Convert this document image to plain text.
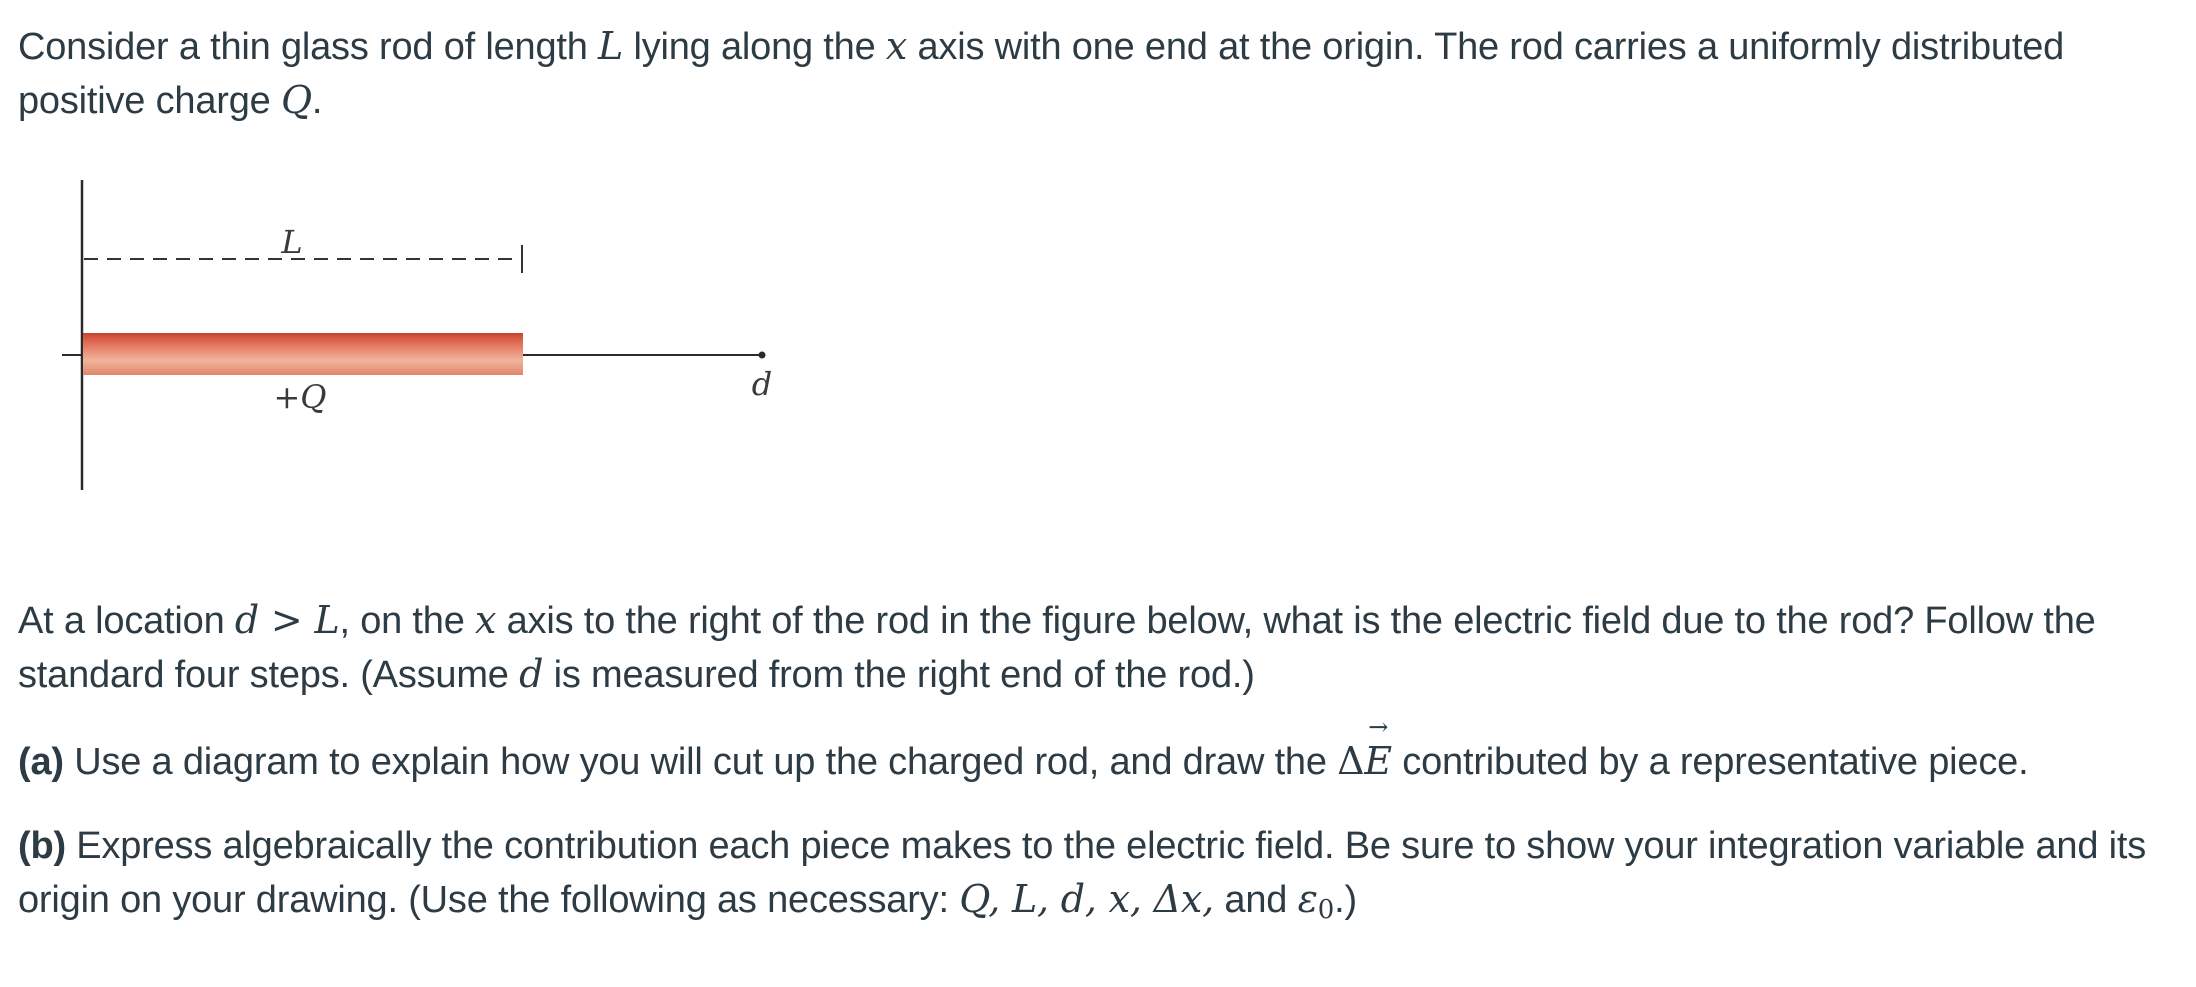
Consider a thin glass rod of length L lying along the x axis with one end at the origin. The rod carries a uniformly distributed positive charge Q.

L
+Q	d

At a location d > L, on the x axis to the right of the rod in the figure below, what is the electric field due to the rod? Follow the standard four steps. (Assume d is measured from the right end of the rod.)

(a) Use a diagram to explain how you will cut up the charged rod, and draw the Δ
→
E contributed by a representative piece.

(b) Express algebraically the contribution each piece makes to the electric field. Be sure to show your integration variable and its origin on your drawing. (Use the following as necessary: Q, L, d, x, Δx, and $\varepsilon_0$.)
